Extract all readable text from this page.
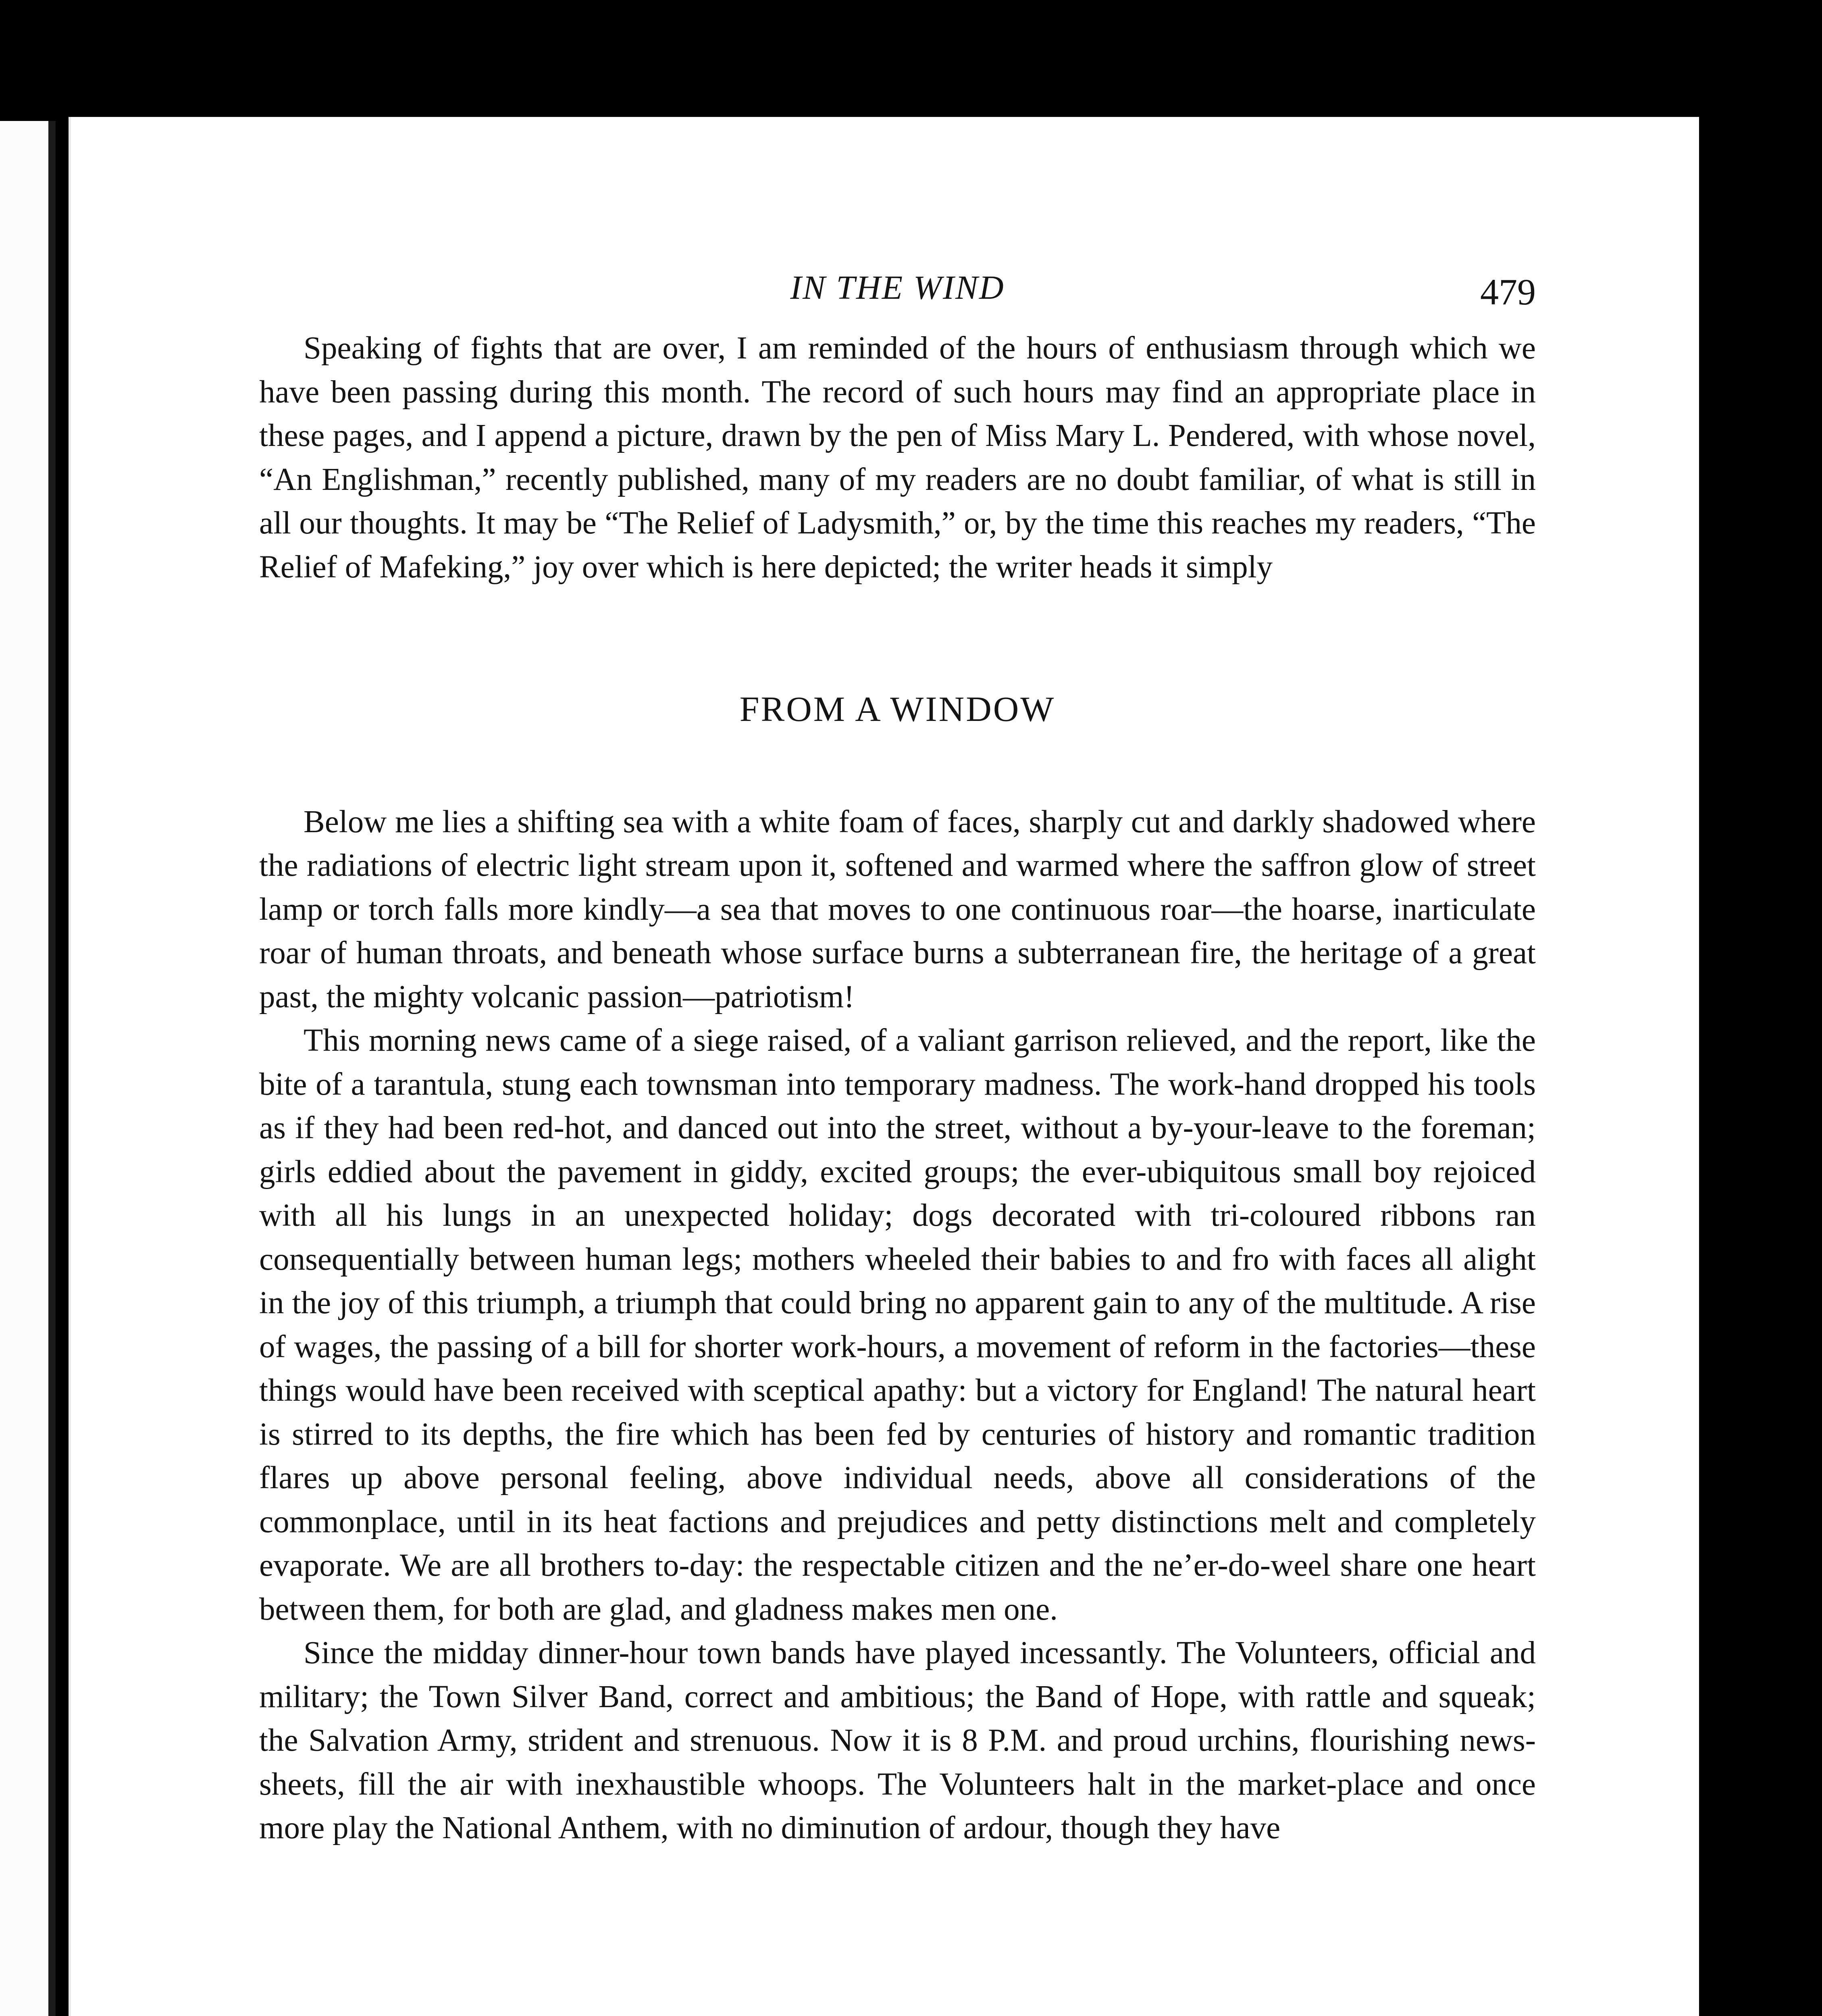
IN THE WIND	479

Speaking of fights that are over, I am reminded of the hours of enthusiasm through which we have been passing during this month. The record of such hours may find an appropriate place in these pages, and I append a picture, drawn by the pen of Miss Mary L. Pendered, with whose novel, “An Englishman,” recently published, many of my readers are no doubt familiar, of what is still in all our thoughts. It may be “The Relief of Ladysmith,” or, by the time this reaches my readers, “The Relief of Mafeking,” joy over which is here depicted; the writer heads it simply

FROM A WINDOW

Below me lies a shifting sea with a white foam of faces, sharply cut and darkly shadowed where the radiations of electric light stream upon it, softened and warmed where the saffron glow of street lamp or torch falls more kindly—a sea that moves to one continuous roar—the hoarse, inarticulate roar of human throats, and beneath whose surface burns a subterranean fire, the heritage of a great past, the mighty volcanic passion—patriotism!

This morning news came of a siege raised, of a valiant garrison relieved, and the report, like the bite of a tarantula, stung each townsman into temporary madness. The work-hand dropped his tools as if they had been red-hot, and danced out into the street, without a by-your-leave to the foreman; girls eddied about the pavement in giddy, excited groups; the ever-ubiquitous small boy rejoiced with all his lungs in an unexpected holiday; dogs decorated with tri-coloured ribbons ran consequentially between human legs; mothers wheeled their babies to and fro with faces all alight in the joy of this triumph, a triumph that could bring no apparent gain to any of the multitude. A rise of wages, the passing of a bill for shorter work-hours, a movement of reform in the factories—these things would have been received with sceptical apathy: but a victory for England! The natural heart is stirred to its depths, the fire which has been fed by centuries of history and romantic tradition flares up above personal feeling, above individual needs, above all considerations of the commonplace, until in its heat factions and prejudices and petty distinctions melt and completely evaporate. We are all brothers to-day: the respectable citizen and the ne’er-do-weel share one heart between them, for both are glad, and gladness makes men one.

Since the midday dinner-hour town bands have played incessantly. The Volunteers, official and military; the Town Silver Band, correct and ambitious; the Band of Hope, with rattle and squeak; the Salvation Army, strident and strenuous. Now it is 8 P.M. and proud urchins, flourishing news-sheets, fill the air with inexhaustible whoops. The Volunteers halt in the market-place and once more play the National Anthem, with no diminution of ardour, though they have
